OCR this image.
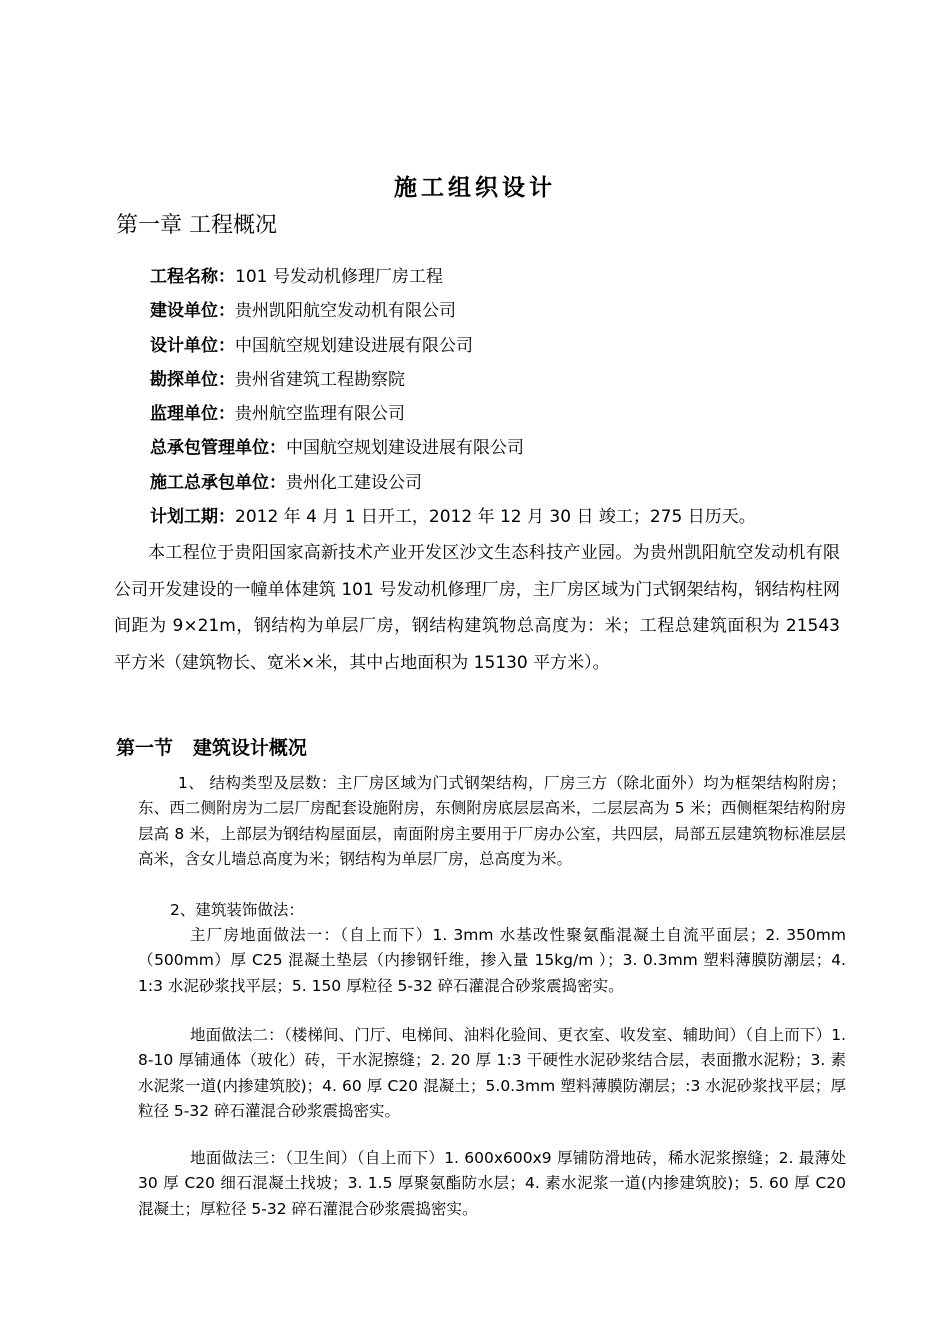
施工组织设计
第一章 工程概况
工程名称：101 号发动机修理厂房工程
建设单位：贵州凯阳航空发动机有限公司
设计单位：中国航空规划建设进展有限公司
勘探单位：贵州省建筑工程勘察院
监理单位：贵州航空监理有限公司
总承包管理单位：中国航空规划建设进展有限公司
施工总承包单位：贵州化工建设公司
计划工期：2012 年 4 月 1 日开工，2012 年 12 月 30 日 竣工；275 日历天。

本工程位于贵阳国家高新技术产业开发区沙文生态科技产业园。为贵州凯阳航空发动机有限公司开发建设的一幢单体建筑 101 号发动机修理厂房，主厂房区域为门式钢架结构，钢结构柱网间距为 9×21m，钢结构为单层厂房，钢结构建筑物总高度为：米；工程总建筑面积为 21543 平方米（建筑物长、宽米×米，其中占地面积为 15130 平方米）。

第一节   建筑设计概况

1、 结构类型及层数：主厂房区域为门式钢架结构，厂房三方（除北面外）均为框架结构附房；东、西二侧附房为二层厂房配套设施附房，东侧附房底层层高米，二层层高为 5 米；西侧框架结构附房层高 8 米，上部层为钢结构屋面层，南面附房主要用于厂房办公室，共四层，局部五层建筑物标准层层高米，含女儿墙总高度为米；钢结构为单层厂房，总高度为米。

2、建筑装饰做法：

主厂房地面做法一：（自上而下）1. 3mm 水基改性聚氨酯混凝土自流平面层；2. 350mm（500mm）厚 C25 混凝土垫层（内掺钢钎维，掺入量 15kg/m ）；3. 0.3mm 塑料薄膜防潮层；4. 1:3 水泥砂浆找平层；5. 150 厚粒径 5-32 碎石灌混合砂浆震捣密实。

地面做法二：（楼梯间、门厅、电梯间、油料化验间、更衣室、收发室、辅助间）（自上而下）1. 8-10 厚铺通体（玻化）砖，干水泥擦缝；2. 20 厚 1:3 干硬性水泥砂浆结合层，表面撒水泥粉；3. 素水泥浆一道(内掺建筑胶)；4. 60 厚 C20 混凝土；5.0.3mm 塑料薄膜防潮层；:3 水泥砂浆找平层；厚粒径 5-32 碎石灌混合砂浆震捣密实。

地面做法三：（卫生间）（自上而下）1. 600x600x9 厚铺防滑地砖，稀水泥浆擦缝；2. 最薄处 30 厚 C20 细石混凝土找坡；3. 1.5 厚聚氨酯防水层；4. 素水泥浆一道(内掺建筑胶)；5. 60 厚 C20 混凝土；厚粒径 5-32 碎石灌混合砂浆震捣密实。
